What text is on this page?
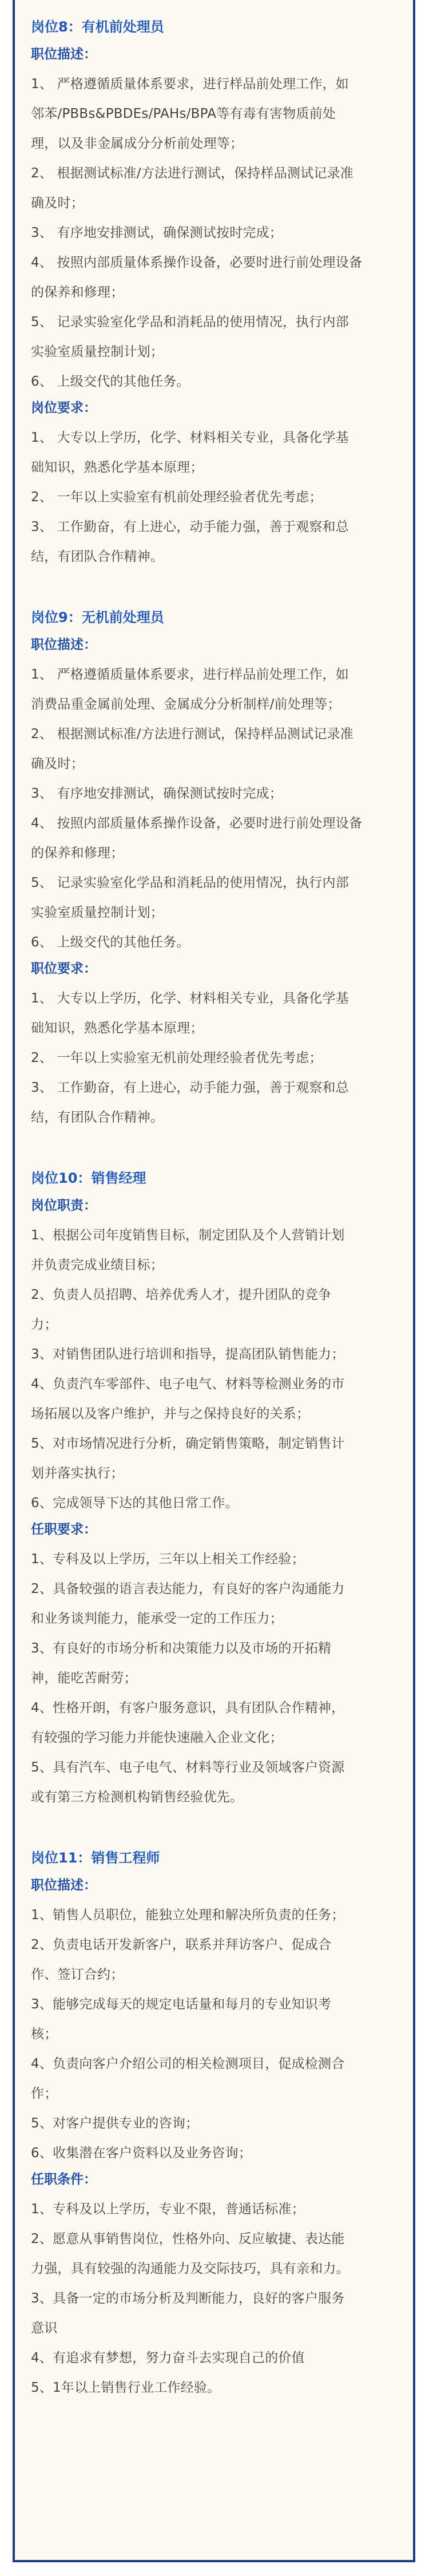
岗位8：有机前处理员
职位描述：
1、 严格遵循质量体系要求，进行样品前处理工作，如
邻苯/PBBs&PBDEs/PAHs/BPA等有毒有害物质前处
理，以及非金属成分分析前处理等；
2、 根据测试标准/方法进行测试，保持样品测试记录准
确及时；
3、 有序地安排测试，确保测试按时完成；
4、 按照内部质量体系操作设备，必要时进行前处理设备
的保养和修理；
5、 记录实验室化学品和消耗品的使用情况，执行内部
实验室质量控制计划；
6、 上级交代的其他任务。
岗位要求：
1、 大专以上学历，化学、材料相关专业，具备化学基
础知识，熟悉化学基本原理；
2、 一年以上实验室有机前处理经验者优先考虑；
3、 工作勤奋，有上进心，动手能力强，善于观察和总
结，有团队合作精神。
岗位9：无机前处理员
职位描述：
1、 严格遵循质量体系要求，进行样品前处理工作，如
消费品重金属前处理、金属成分分析制样/前处理等；
2、 根据测试标准/方法进行测试，保持样品测试记录准
确及时；
3、 有序地安排测试，确保测试按时完成；
4、 按照内部质量体系操作设备，必要时进行前处理设备
的保养和修理；
5、 记录实验室化学品和消耗品的使用情况，执行内部
实验室质量控制计划；
6、 上级交代的其他任务。
职位要求：
1、 大专以上学历，化学、材料相关专业，具备化学基
础知识，熟悉化学基本原理；
2、 一年以上实验室无机前处理经验者优先考虑；
3、 工作勤奋，有上进心，动手能力强，善于观察和总
结，有团队合作精神。
岗位10：销售经理
岗位职责：
1、根据公司年度销售目标，制定团队及个人营销计划
并负责完成业绩目标；
2、负责人员招聘、培养优秀人才，提升团队的竞争
力；
3、对销售团队进行培训和指导，提高团队销售能力；
4、负责汽车零部件、电子电气、材料等检测业务的市
场拓展以及客户维护，并与之保持良好的关系；
5、对市场情况进行分析，确定销售策略，制定销售计
划并落实执行；
6、完成领导下达的其他日常工作。
任职要求：
1、专科及以上学历，三年以上相关工作经验；
2、具备较强的语言表达能力，有良好的客户沟通能力
和业务谈判能力，能承受一定的工作压力；
3、有良好的市场分析和决策能力以及市场的开拓精
神，能吃苦耐劳；
4、性格开朗，有客户服务意识，具有团队合作精神，
有较强的学习能力并能快速融入企业文化；
5、具有汽车、电子电气、材料等行业及领域客户资源
或有第三方检测机构销售经验优先。
岗位11：销售工程师
职位描述：
1、销售人员职位，能独立处理和解决所负责的任务；
2、负责电话开发新客户，联系并拜访客户、促成合
作、签订合约；
3、能够完成每天的规定电话量和每月的专业知识考
核；
4、负责向客户介绍公司的相关检测项目，促成检测合
作；
5、对客户提供专业的咨询；
6、收集潜在客户资料以及业务咨询；
任职条件：
1、专科及以上学历，专业不限，普通话标准；
2、愿意从事销售岗位，性格外向、反应敏捷、表达能
力强，具有较强的沟通能力及交际技巧，具有亲和力。
3、具备一定的市场分析及判断能力，良好的客户服务
意识
4、有追求有梦想，努力奋斗去实现自己的价值
5、1年以上销售行业工作经验。
